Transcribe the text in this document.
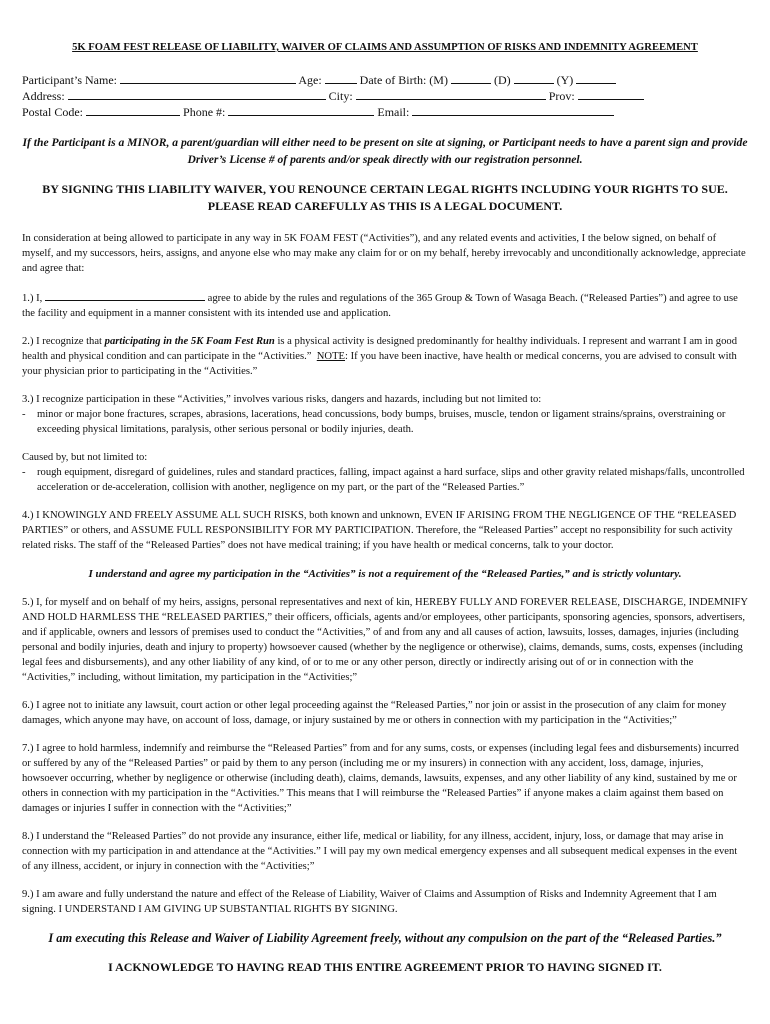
5K FOAM FEST RELEASE OF LIABILITY, WAIVER OF CLAIMS AND ASSUMPTION OF RISKS AND INDEMNITY AGREEMENT
Participant’s Name:	Age:	Date of Birth: (M)	(D)	(Y)
Address:	City:	Prov:
Postal Code:	Phone #:	Email:
If the Participant is a MINOR, a parent/guardian will either need to be present on site at signing, or Participant needs to have a parent sign and provide Driver’s License # of parents and/or speak directly with our registration personnel.
BY SIGNING THIS LIABILITY WAIVER, YOU RENOUNCE CERTAIN LEGAL RIGHTS INCLUDING YOUR RIGHTS TO SUE.
PLEASE READ CAREFULLY AS THIS IS A LEGAL DOCUMENT.

In consideration at being allowed to participate in any way in 5K FOAM FEST (“Activities”), and any related events and activities, I the below signed, on behalf of myself, and my successors, heirs, assigns, and anyone else who may make any claim for or on my behalf, hereby irrevocably and unconditionally acknowledge, appreciate and agree that:

1.) I,	agree to abide by the rules and regulations of the 365 Group & Town of Wasaga Beach. (“Released Parties”) and agree to use the facility and equipment in a manner consistent with its intended use and application.

2.) I recognize that participating in the 5K Foam Fest Run is a physical activity is designed predominantly for healthy individuals. I represent and warrant I am in good health and physical condition and can participate in the “Activities.” NOTE: If you have been inactive, have health or medical concerns, you are advised to consult with your physician prior to participating in the “Activities.”

3.) I recognize participation in these “Activities,” involves various risks, dangers and hazards, including but not limited to:

-	minor or major bone fractures, scrapes, abrasions, lacerations, head concussions, body bumps, bruises, muscle, tendon or ligament strains/sprains, overstraining or exceeding physical limitations, paralysis, other serious personal or bodily injuries, death.

Caused by, but not limited to:

-	rough equipment, disregard of guidelines, rules and standard practices, falling, impact against a hard surface, slips and other gravity related mishaps/falls, uncontrolled acceleration or de-acceleration, collision with another, negligence on my part, or the part of the “Released Parties.”

4.) I KNOWINGLY AND FREELY ASSUME ALL SUCH RISKS, both known and unknown, EVEN IF ARISING FROM THE NEGLIGENCE OF THE “RELEASED PARTIES” or others, and ASSUME FULL RESPONSIBILITY FOR MY PARTICIPATION. Therefore, the “Released Parties” accept no responsibility for such activity related risks. The staff of the “Released Parties” does not have medical training; if you have health or medical concerns, talk to your doctor.

I understand and agree my participation in the “Activities” is not a requirement of the “Released Parties,” and is strictly voluntary.

5.) I, for myself and on behalf of my heirs, assigns, personal representatives and next of kin, HEREBY FULLY AND FOREVER RELEASE, DISCHARGE, INDEMNIFY AND HOLD HARMLESS THE “RELEASED PARTIES,” their officers, officials, agents and/or employees, other participants, sponsoring agencies, sponsors, advertisers, and if applicable, owners and lessors of premises used to conduct the “Activities,” of and from any and all causes of action, lawsuits, losses, damages, injuries (including personal and bodily injuries, death and injury to property) howsoever caused (whether by the negligence or otherwise), claims, demands, sums, costs, expenses (including legal fees and disbursements), and any other liability of any kind, of or to me or any other person, directly or indirectly arising out of or in connection with the “Activities,” including, without limitation, my participation in the “Activities;”

6.) I agree not to initiate any lawsuit, court action or other legal proceeding against the “Released Parties,” nor join or assist in the prosecution of any claim for money damages, which anyone may have, on account of loss, damage, or injury sustained by me or others in connection with my participation in the “Activities;”

7.) I agree to hold harmless, indemnify and reimburse the “Released Parties” from and for any sums, costs, or expenses (including legal fees and disbursements) incurred or suffered by any of the “Released Parties” or paid by them to any person (including me or my insurers) in connection with any accident, loss, damage, injuries, howsoever occurring, whether by negligence or otherwise (including death), claims, demands, lawsuits, expenses, and any other liability of any kind, sustained by me or others in connection with my participation in the “Activities.” This means that I will reimburse the “Released Parties” if anyone makes a claim against them based on damages or injuries I suffer in connection with the “Activities;”

8.) I understand the “Released Parties” do not provide any insurance, either life, medical or liability, for any illness, accident, injury, loss, or damage that may arise in connection with my participation in and attendance at the “Activities.” I will pay my own medical emergency expenses and all subsequent medical expenses in the event of any illness, accident, or injury in connection with the “Activities;”

9.) I am aware and fully understand the nature and effect of the Release of Liability, Waiver of Claims and Assumption of Risks and Indemnity Agreement that I am signing. I UNDERSTAND I AM GIVING UP SUBSTANTIAL RIGHTS BY SIGNING.

I am executing this Release and Waiver of Liability Agreement freely, without any compulsion on the part of the “Released Parties.”
I ACKNOWLEDGE TO HAVING READ THIS ENTIRE AGREEMENT PRIOR TO HAVING SIGNED IT.
